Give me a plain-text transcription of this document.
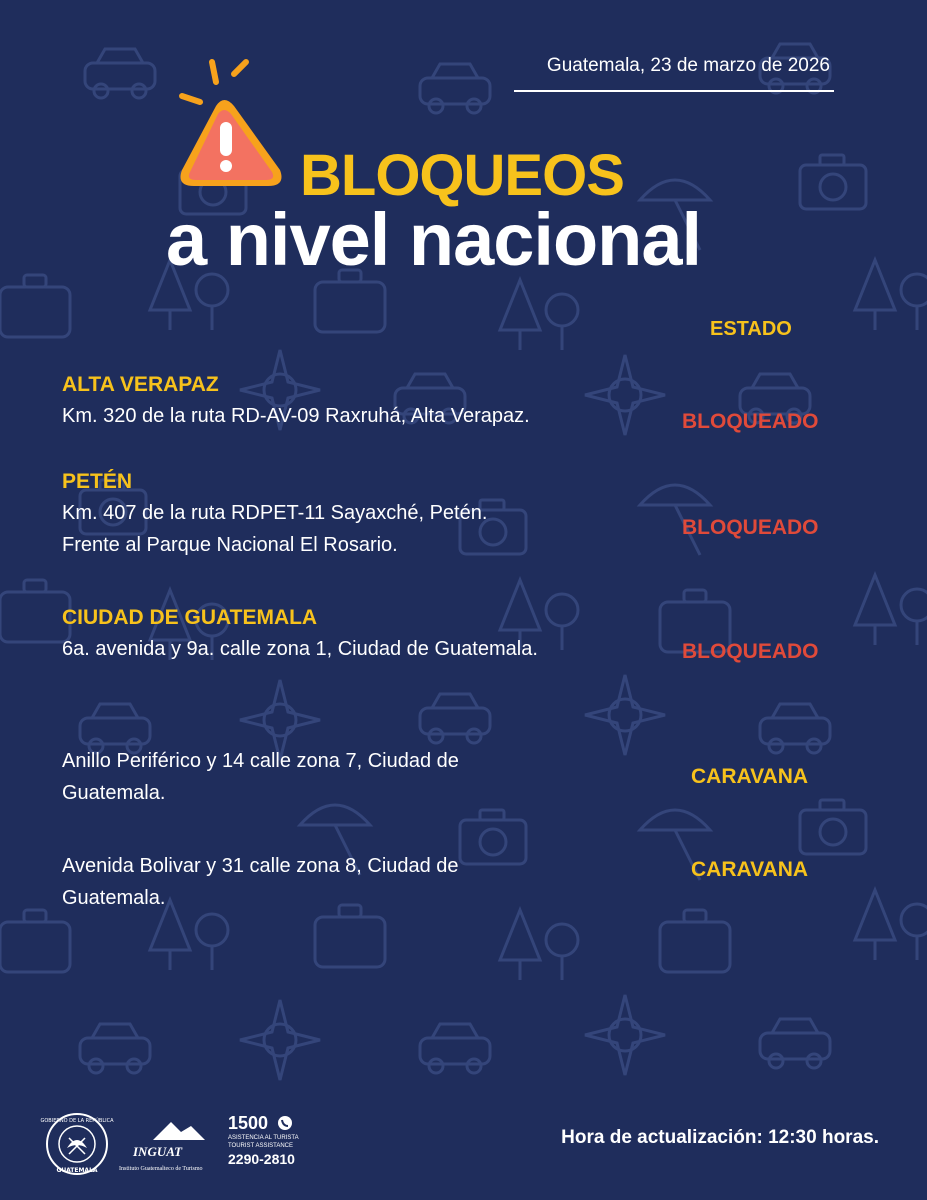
Guatemala, 23 de marzo de 2026
BLOQUEOS
a nivel nacional
ESTADO
ALTA VERAPAZ
Km. 320 de la ruta RD-AV-09 Raxruhá, Alta Verapaz.	BLOQUEADO
PETÉN
Km. 407 de la ruta RDPET-11 Sayaxché, Petén.
Frente al Parque Nacional El Rosario.
BLOQUEADO
CIUDAD DE GUATEMALA
6a. avenida y 9a. calle zona 1, Ciudad de Guatemala.	BLOQUEADO
Anillo Periférico y 14 calle zona 7, Ciudad de
Guatemala.
CARAVANA
Avenida Bolivar y 31 calle zona 8, Ciudad de
Guatemala.
CARAVANA
GOBIERNO DE LA REPÚBLICA
GUATEMALA
INGUAT
Instituto Guatemalteco de Turismo
1500
ASISTENCIA AL TURISTA
TOURIST ASSISTANCE
2290-2810
Hora de actualización: 12:30 horas.
